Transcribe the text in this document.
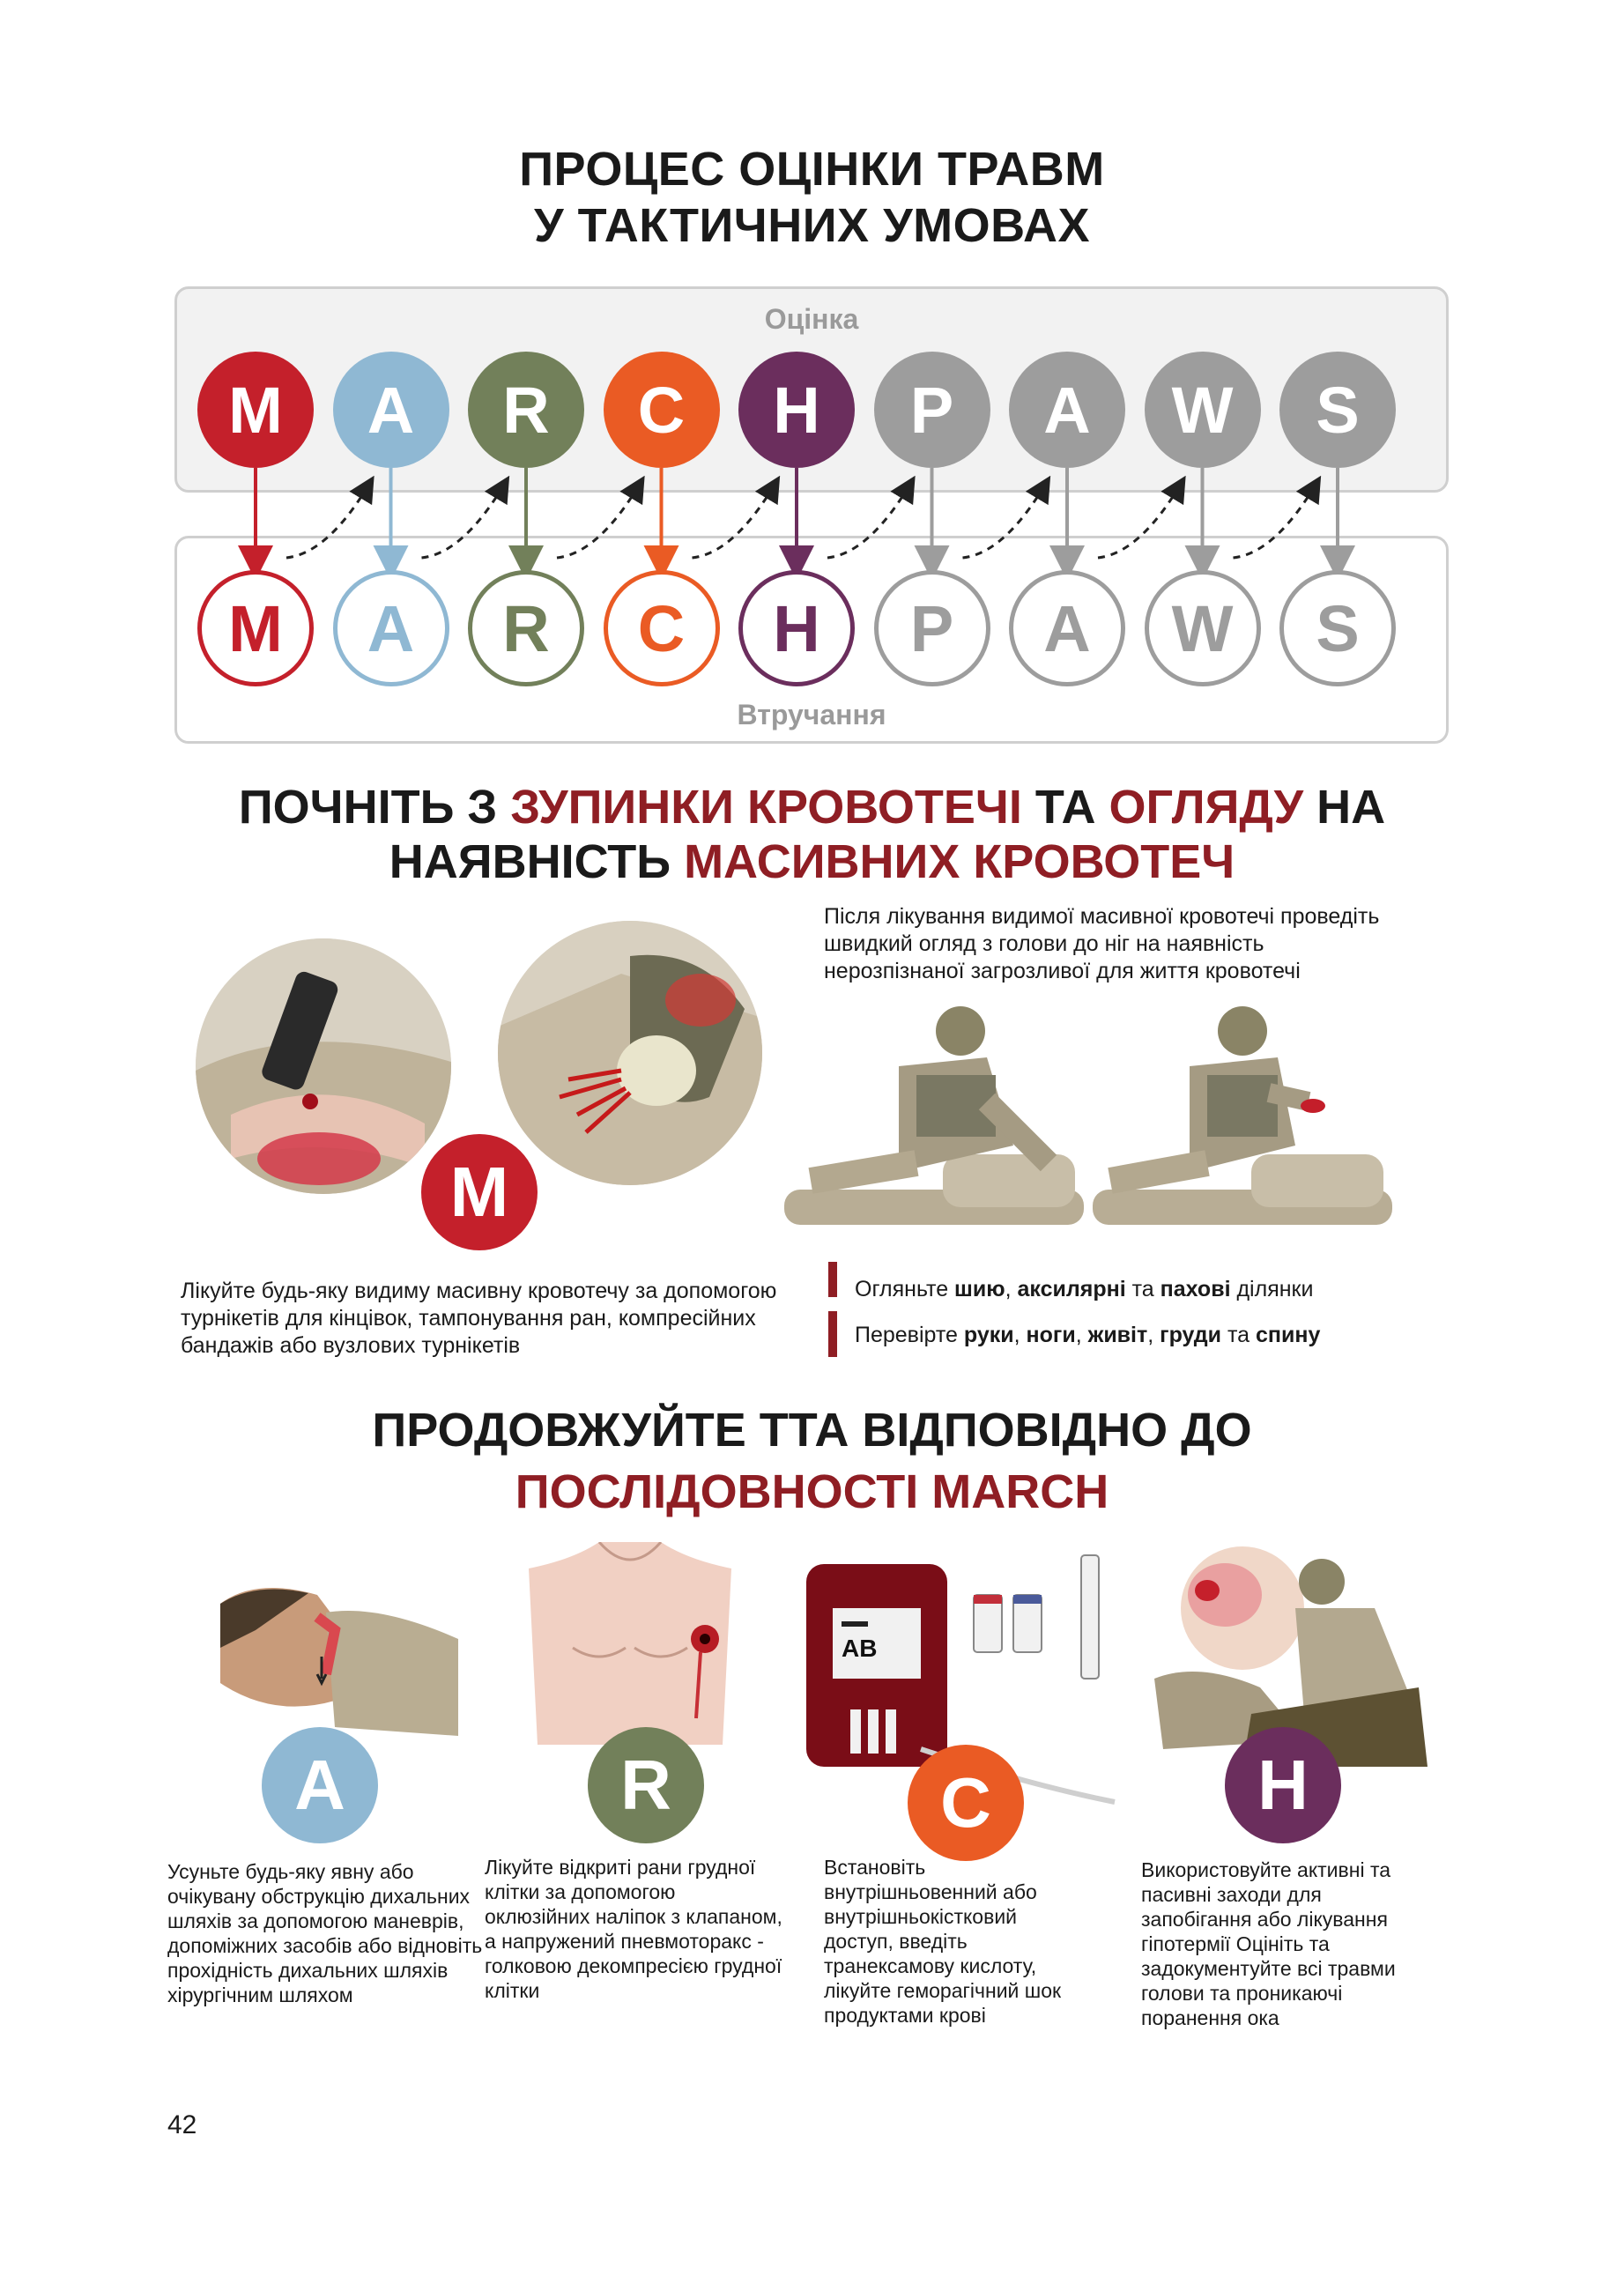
ПРОЦЕС ОЦІНКИ ТРАВМ
У ТАКТИЧНИХ УМОВАХ
Оцінка
Втручання
M	A	R	C	H	P	A	W	S
M	A	R	C	H	P	A	W	S
ПОЧНІТЬ З ЗУПИНКИ КРОВОТЕЧІ ТА ОГЛЯДУ НА
НАЯВНІСТЬ МАСИВНИХ КРОВОТЕЧ
M
Після лікування видимої масивної кровотечі проведіть швидкий огляд з голови до ніг на наявність нерозпізнаної загрозливої для життя кровотечі
Лікуйте будь-яку видиму масивну кровотечу за допомогою турнікетів для кінцівок, тампонування ран, компресійних бандажів або вузлових турнікетів
Огляньте шию, аксилярні та пахові ділянки
Перевірте руки, ноги, живіт, груди та спину
ПРОДОВЖУЙТЕ ТТА ВІДПОВІДНО ДО
ПОСЛІДОВНОСТІ MARCH
A	R
AB
C	H
Усуньте будь-яку явну або очікувану обструкцію дихальних шляхів за допомогою маневрів, допоміжних засобів або відновіть прохідність дихальних шляхів хірургічним шляхом
Лікуйте відкриті рани грудної клітки за допомогою оклюзійних наліпок з клапаном, а напружений пневмоторакс - голковою декомпресією грудної клітки
Встановіть внутрішньовенний або внутрішньокістковий доступ, введіть транексамову кислоту, лікуйте геморагічний шок продуктами крові
Використовуйте активні та пасивні заходи для запобігання або лікування гіпотермії Оцініть та задокументуйте всі травми голови та проникаючі поранення ока
42
